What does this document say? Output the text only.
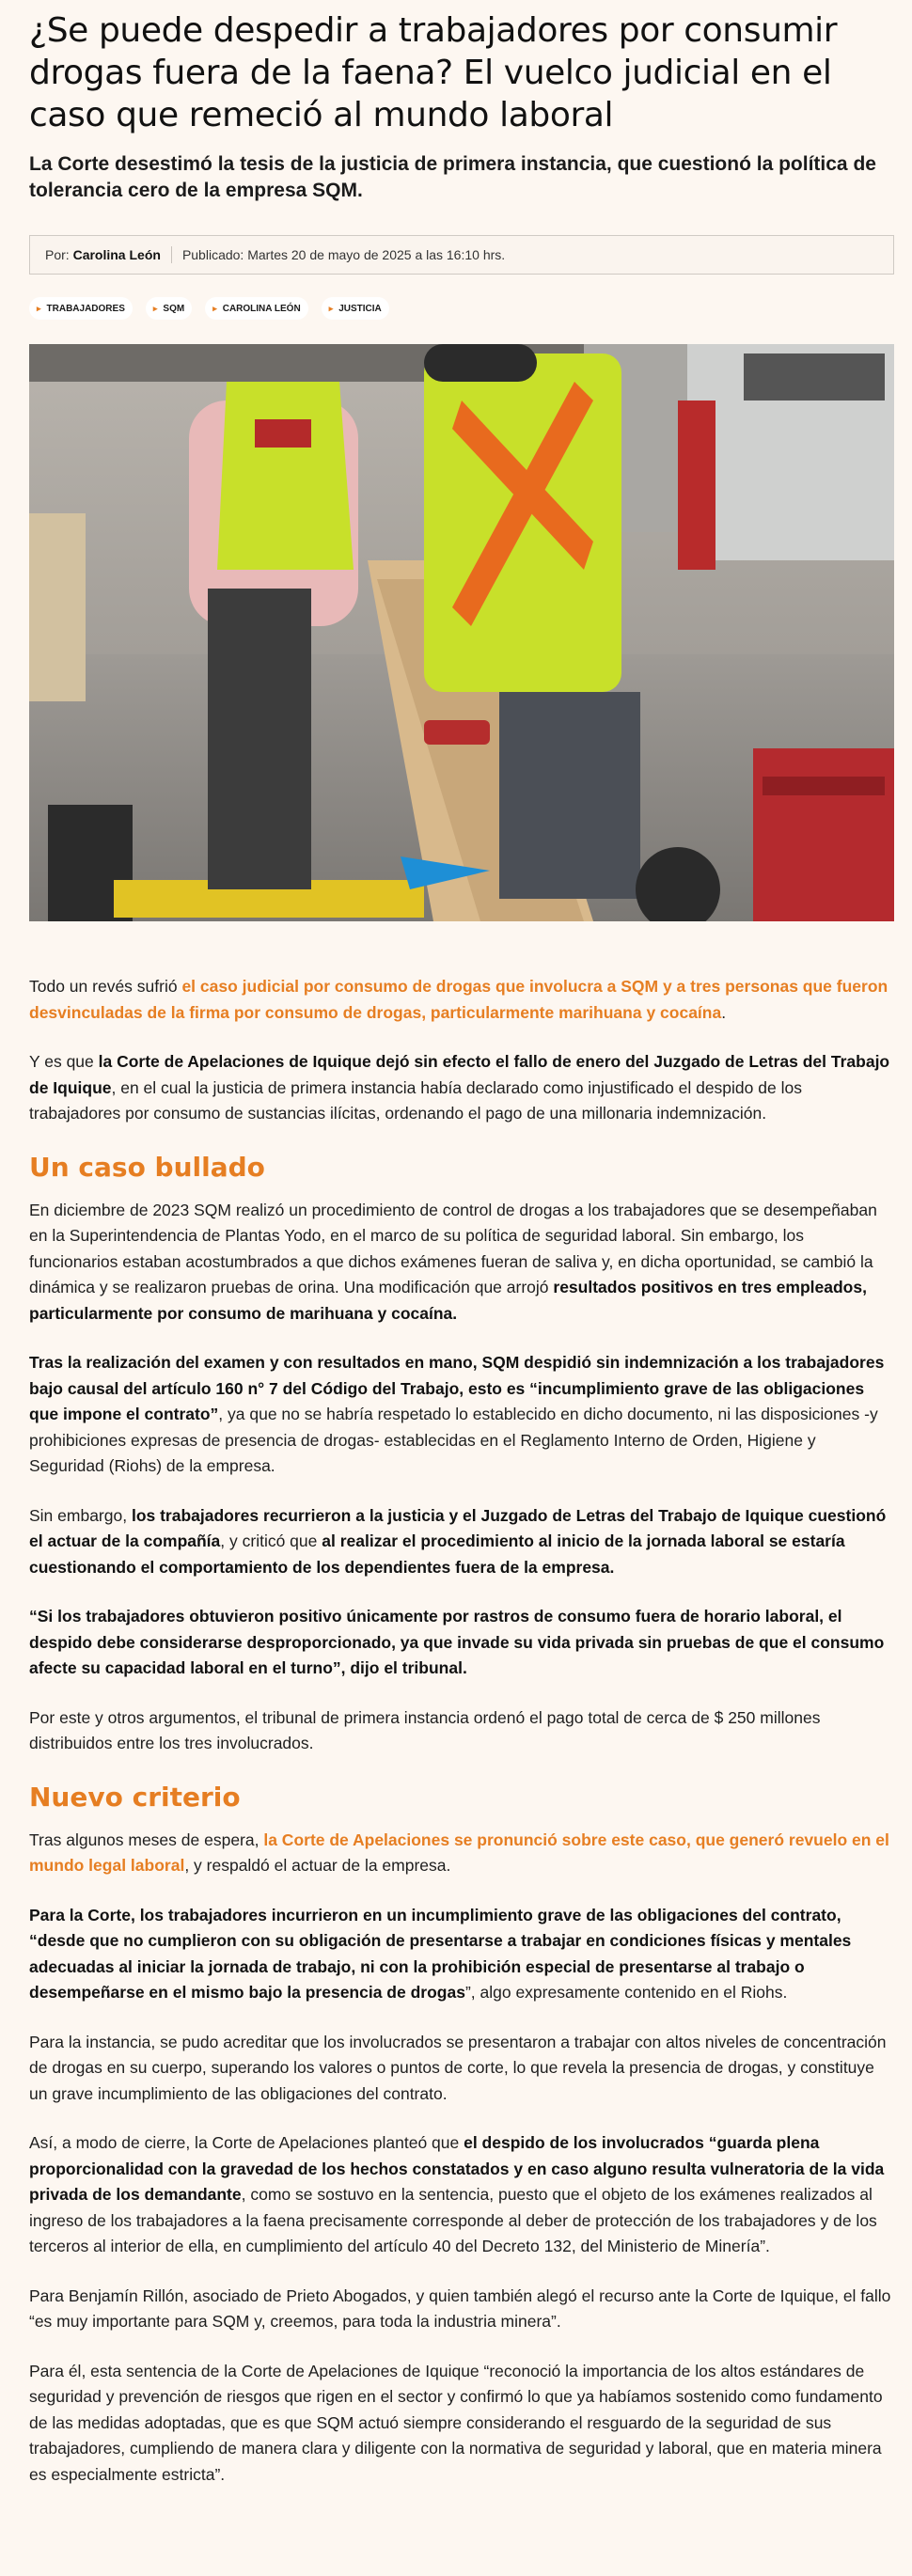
¿Se puede despedir a trabajadores por consumir drogas fuera de la faena? El vuelco judicial en el caso que remeció al mundo laboral
La Corte desestimó la tesis de la justicia de primera instancia, que cuestionó la política de tolerancia cero de la empresa SQM.
Por:
Carolina León Publicado:
Martes 20 de mayo de 2025 a las 16:10 hrs.
▸ TRABAJADORES	▸ SQM	▸ CAROLINA LEÓN	▸ JUSTICIA

Todo un revés sufrió el caso judicial por consumo de drogas que involucra a SQM y a tres personas que fueron desvinculadas de la firma por consumo de drogas, particularmente marihuana y cocaína.

Y es que la Corte de Apelaciones de Iquique dejó sin efecto el fallo de enero del Juzgado de Letras del Trabajo de Iquique, en el cual la justicia de primera instancia había declarado como injustificado el despido de los trabajadores por consumo de sustancias ilícitas, ordenando el pago de una millonaria indemnización.

Un caso bullado

En diciembre de 2023 SQM realizó un procedimiento de control de drogas a los trabajadores que se desempeñaban en la Superintendencia de Plantas Yodo, en el marco de su política de seguridad laboral. Sin embargo, los funcionarios estaban acostumbrados a que dichos exámenes fueran de saliva y, en dicha oportunidad, se cambió la dinámica y se realizaron pruebas de orina. Una modificación que arrojó resultados positivos en tres empleados, particularmente por consumo de marihuana y cocaína.

Tras la realización del examen y con resultados en mano, SQM despidió sin indemnización a los trabajadores bajo causal del artículo 160 n° 7 del Código del Trabajo, esto es “incumplimiento grave de las obligaciones que impone el contrato”, ya que no se habría respetado lo establecido en dicho documento, ni las disposiciones -y prohibiciones expresas de presencia de drogas- establecidas en el Reglamento Interno de Orden, Higiene y Seguridad (Riohs) de la empresa.

Sin embargo, los trabajadores recurrieron a la justicia y el Juzgado de Letras del Trabajo de Iquique cuestionó el actuar de la compañía, y criticó que al realizar el procedimiento al inicio de la jornada laboral se estaría cuestionando el comportamiento de los dependientes fuera de la empresa.

“Si los trabajadores obtuvieron positivo únicamente por rastros de consumo fuera de horario laboral, el despido debe considerarse desproporcionado, ya que invade su vida privada sin pruebas de que el consumo afecte su capacidad laboral en el turno”, dijo el tribunal.

Por este y otros argumentos, el tribunal de primera instancia ordenó el pago total de cerca de $ 250 millones distribuidos entre los tres involucrados.

Nuevo criterio

Tras algunos meses de espera, la Corte de Apelaciones se pronunció sobre este caso, que generó revuelo en el mundo legal laboral, y respaldó el actuar de la empresa.

Para la Corte, los trabajadores incurrieron en un incumplimiento grave de las obligaciones del contrato, “desde que no cumplieron con su obligación de presentarse a trabajar en condiciones físicas y mentales adecuadas al iniciar la jornada de trabajo, ni con la prohibición especial de presentarse al trabajo o desempeñarse en el mismo bajo la presencia de drogas”, algo expresamente contenido en el Riohs.

Para la instancia, se pudo acreditar que los involucrados se presentaron a trabajar con altos niveles de concentración de drogas en su cuerpo, superando los valores o puntos de corte, lo que revela la presencia de drogas, y constituye un grave incumplimiento de las obligaciones del contrato.

Así, a modo de cierre, la Corte de Apelaciones planteó que el despido de los involucrados “guarda plena proporcionalidad con la gravedad de los hechos constatados y en caso alguno resulta vulneratoria de la vida privada de los demandante, como se sostuvo en la sentencia, puesto que el objeto de los exámenes realizados al ingreso de los trabajadores a la faena precisamente corresponde al deber de protección de los trabajadores y de los terceros al interior de ella, en cumplimiento del artículo 40 del Decreto 132, del Ministerio de Minería”.

Para Benjamín Rillón, asociado de Prieto Abogados, y quien también alegó el recurso ante la Corte de Iquique, el fallo “es muy importante para SQM y, creemos, para toda la industria minera”.

Para él, esta sentencia de la Corte de Apelaciones de Iquique “reconoció la importancia de los altos estándares de seguridad y prevención de riesgos que rigen en el sector y confirmó lo que ya habíamos sostenido como fundamento de las medidas adoptadas, que es que SQM actuó siempre considerando el resguardo de la seguridad de sus trabajadores, cumpliendo de manera clara y diligente con la normativa de seguridad y laboral, que en materia minera es especialmente estricta”.
